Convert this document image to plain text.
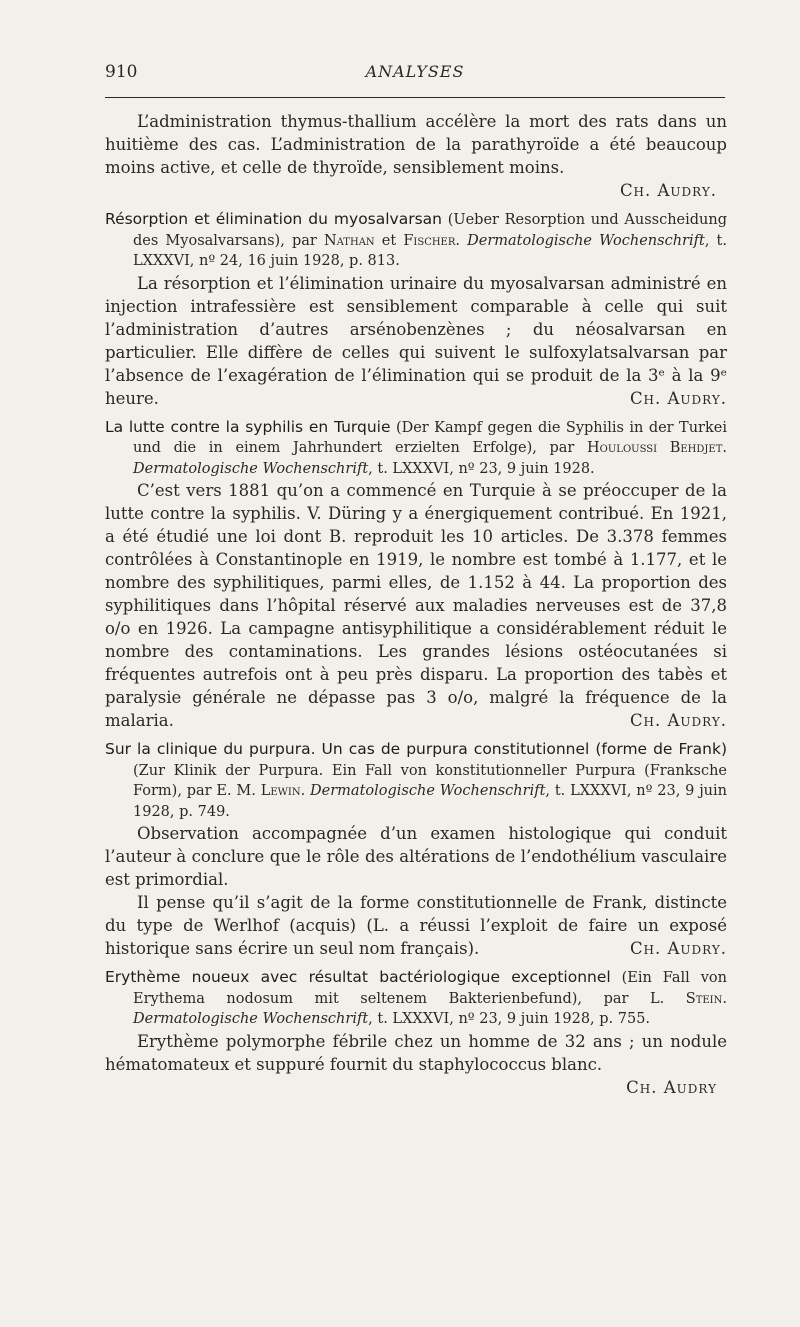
910	ANALYSES

L’administration thymus-thallium accélère la mort des rats dans un huitième des cas. L’administration de la parathyroïde a été beaucoup moins active, et celle de thyroïde, sensiblement moins.

Ch. Audry.

Résorption et élimination du myosalvarsan (Ueber Resorption und Ausscheidung des Myosalvarsans), par Nathan et Fischer. Dermatologische Wochenschrift, t. LXXXVI, nº 24, 16 juin 1928, p. 813.

La résorption et l’élimination urinaire du myosalvarsan administré en injection intrafessière est sensiblement comparable à celle qui suit l’administration d’autres arsénobenzènes ; du néosalvarsan en particulier. Elle diffère de celles qui suivent le sulfoxylatsalvarsan par l’absence de l’exagération de l’élimination qui se produit de la 3ᵉ à la 9ᵉ heure.	Ch. Audry.

La lutte contre la syphilis en Turquie (Der Kampf gegen die Syphilis in der Turkei und die in einem Jahrhundert erzielten Erfolge), par Houloussi Behdjet. Dermatologische Wochenschrift, t. LXXXVI, nº 23, 9 juin 1928.

C’est vers 1881 qu’on a commencé en Turquie à se préoccuper de la lutte contre la syphilis. V. Düring y a énergiquement contribué. En 1921, a été étudié une loi dont B. reproduit les 10 articles. De 3.378 femmes contrôlées à Constantinople en 1919, le nombre est tombé à 1.177, et le nombre des syphilitiques, parmi elles, de 1.152 à 44. La proportion des syphilitiques dans l’hôpital réservé aux maladies nerveuses est de 37,8 o/o en 1926. La campagne antisyphilitique a considérablement réduit le nombre des contaminations. Les grandes lésions ostéocutanées si fréquentes autrefois ont à peu près disparu. La proportion des tabès et paralysie générale ne dépasse pas 3 o/o, malgré la fréquence de la malaria.	Ch. Audry.

Sur la clinique du purpura. Un cas de purpura constitutionnel (forme de Frank) (Zur Klinik der Purpura. Ein Fall von konstitutionneller Purpura (Franksche Form), par E. M. Lewin. Dermatologische Wochenschrift, t. LXXXVI, nº 23, 9 juin 1928, p. 749.

Observation accompagnée d’un examen histologique qui conduit l’auteur à conclure que le rôle des altérations de l’endothélium vasculaire est primordial.

Il pense qu’il s’agit de la forme constitutionnelle de Frank, distincte du type de Werlhof (acquis) (L. a réussi l’exploit de faire un exposé historique sans écrire un seul nom français).	Ch. Audry.

Erythème noueux avec résultat bactériologique exceptionnel (Ein Fall von Erythema nodosum mit seltenem Bakterienbefund), par L. Stein. Dermatologische Wochenschrift, t. LXXXVI, nº 23, 9 juin 1928, p. 755.

Erythème polymorphe fébrile chez un homme de 32 ans ; un nodule hématomateux et suppuré fournit du staphylococcus blanc.

Ch. Audry
